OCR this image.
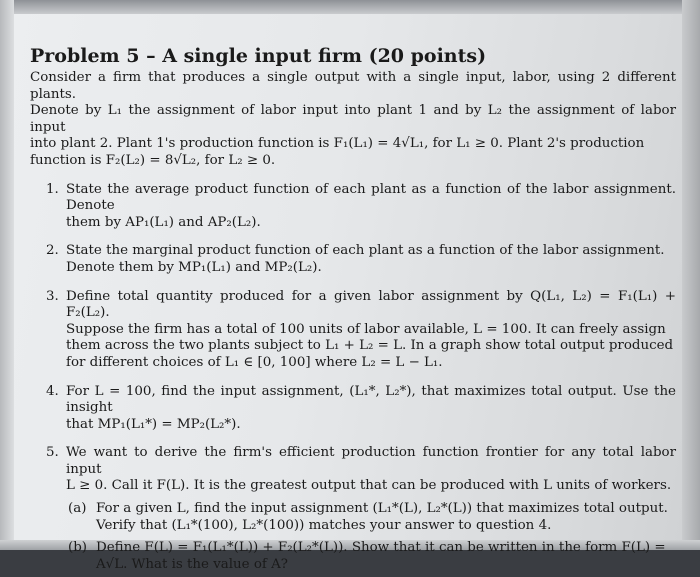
Problem 5 – A single input firm (20 points)
Consider a firm that produces a single output with a single input, labor, using 2 different plants.
Denote by L₁ the assignment of labor input into plant 1 and by L₂ the assignment of labor input
into plant 2. Plant 1's production function is F₁(L₁) = 4√L₁, for L₁ ≥ 0. Plant 2's production
function is F₂(L₂) = 8√L₂, for L₂ ≥ 0.
1. State the average product function of each plant as a function of the labor assignment. Denote
them by AP₁(L₁) and AP₂(L₂).
2. State the marginal product function of each plant as a function of the labor assignment.
Denote them by MP₁(L₁) and MP₂(L₂).
3. Define total quantity produced for a given labor assignment by Q(L₁, L₂) = F₁(L₁) + F₂(L₂).
Suppose the firm has a total of 100 units of labor available, L = 100. It can freely assign
them across the two plants subject to L₁ + L₂ = L. In a graph show total output produced
for different choices of L₁ ∈ [0, 100] where L₂ = L − L₁.
4. For L = 100, find the input assignment, (L₁*, L₂*), that maximizes total output. Use the insight
that MP₁(L₁*) = MP₂(L₂*).
5. We want to derive the firm's efficient production function frontier for any total labor input
L ≥ 0. Call it F(L). It is the greatest output that can be produced with L units of workers.
(a) For a given L, find the input assignment (L₁*(L), L₂*(L)) that maximizes total output.
Verify that (L₁*(100), L₂*(100)) matches your answer to question 4.
(b) Define F(L) = F₁(L₁*(L)) + F₂(L₂*(L)). Show that it can be written in the form F(L) =
A√L. What is the value of A?
